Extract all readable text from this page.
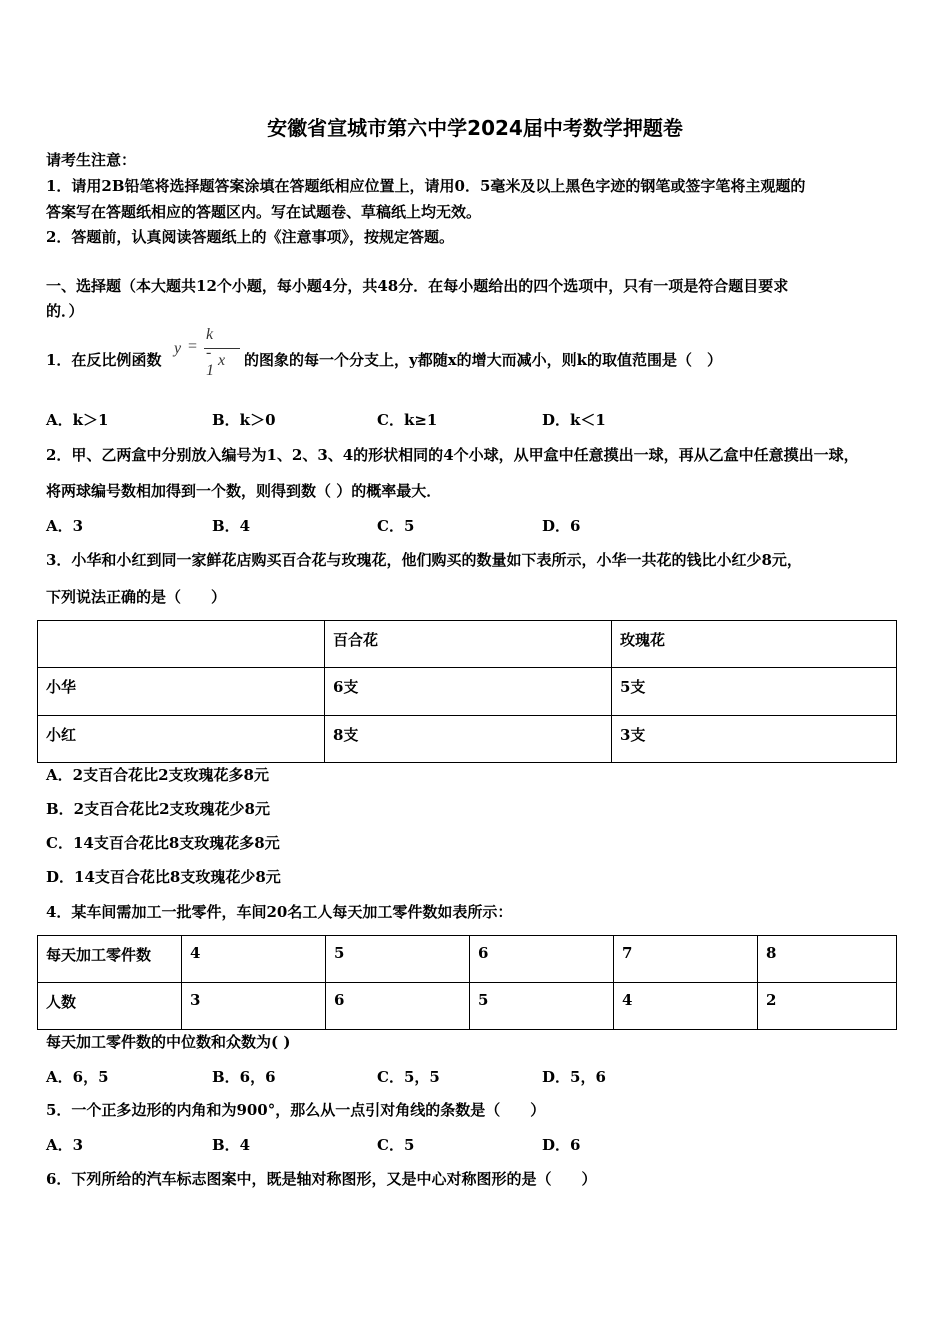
安徽省宣城市第六中学2024届中考数学押题卷
请考生注意：
1．请用2B铅笔将选择题答案涂填在答题纸相应位置上，请用0．5毫米及以上黑色字迹的钢笔或签字笔将主观题的
答案写在答题纸相应的答题区内。写在试题卷、草稿纸上均无效。
2．答题前，认真阅读答题纸上的《注意事项》，按规定答题。
一、选择题（本大题共12个小题，每小题4分，共48分．在每小题给出的四个选项中，只有一项是符合题目要求
的．）
1．在反比例函数
y =
k - 1
x 的图象的每一个分支上，y都随x的增大而减小，则k的取值范围是（　）
A．k＞1	B．k＞0	C．k≥1	D．k＜1
2．甲、乙两盒中分别放入编号为1、2、3、4的形状相同的4个小球，从甲盒中任意摸出一球，再从乙盒中任意摸出一球，
将两球编号数相加得到一个数，则得到数（ ）的概率最大．
A．3	B．4	C．5	D．6
3．小华和小红到同一家鲜花店购买百合花与玫瑰花，他们购买的数量如下表所示，小华一共花的钱比小红少8元，
下列说法正确的是（　　）
	百合花	玫瑰花
小华	6支	5支
小红	8支	3支
A．2支百合花比2支玫瑰花多8元
B．2支百合花比2支玫瑰花少8元
C．14支百合花比8支玫瑰花多8元
D．14支百合花比8支玫瑰花少8元
4．某车间需加工一批零件，车间20名工人每天加工零件数如表所示：
每天加工零件数	4	5	6	7	8
人数	3	6	5	4	2
每天加工零件数的中位数和众数为( )
A．6，5	B．6，6	C．5，5	D．5，6
5．一个正多边形的内角和为900°，那么从一点引对角线的条数是（　　）
A．3	B．4	C．5	D．6
6．下列所给的汽车标志图案中，既是轴对称图形，又是中心对称图形的是（　　）
